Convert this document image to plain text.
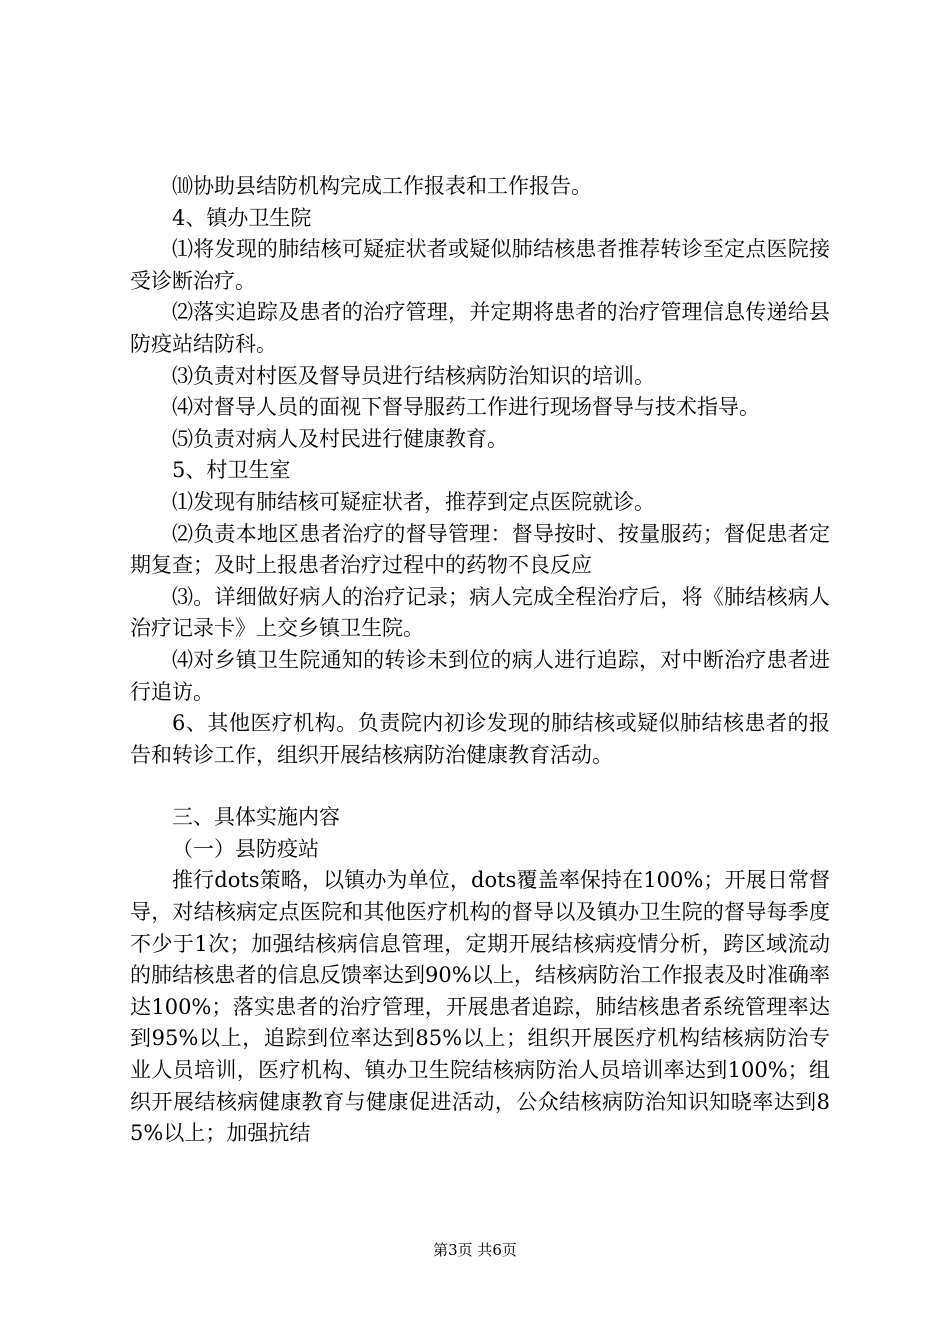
⑽协助县结防机构完成工作报表和工作报告。

4、镇办卫生院

⑴将发现的肺结核可疑症状者或疑似肺结核患者推荐转诊至定点医院接受诊断治疗。

⑵落实追踪及患者的治疗管理，并定期将患者的治疗管理信息传递给县防疫站结防科。

⑶负责对村医及督导员进行结核病防治知识的培训。

⑷对督导人员的面视下督导服药工作进行现场督导与技术指导。

⑸负责对病人及村民进行健康教育。

5、村卫生室

⑴发现有肺结核可疑症状者，推荐到定点医院就诊。

⑵负责本地区患者治疗的督导管理：督导按时、按量服药；督促患者定期复查；及时上报患者治疗过程中的药物不良反应

⑶。详细做好病人的治疗记录；病人完成全程治疗后，将《肺结核病人治疗记录卡》上交乡镇卫生院。

⑷对乡镇卫生院通知的转诊未到位的病人进行追踪，对中断治疗患者进行追访。

6、其他医疗机构。负责院内初诊发现的肺结核或疑似肺结核患者的报告和转诊工作，组织开展结核病防治健康教育活动。

三、具体实施内容

（一）县防疫站

推行dots策略，以镇办为单位，dots覆盖率保持在100%；开展日常督导，对结核病定点医院和其他医疗机构的督导以及镇办卫生院的督导每季度不少于1次；加强结核病信息管理，定期开展结核病疫情分析，跨区域流动的肺结核患者的信息反馈率达到90%以上，结核病防治工作报表及时准确率达100%；落实患者的治疗管理，开展患者追踪，肺结核患者系统管理率达到95%以上，追踪到位率达到85%以上；组织开展医疗机构结核病防治专业人员培训，医疗机构、镇办卫生院结核病防治人员培训率达到100%；组织开展结核病健康教育与健康促进活动，公众结核病防治知识知晓率达到85%以上；加强抗结

第3页 共6页
